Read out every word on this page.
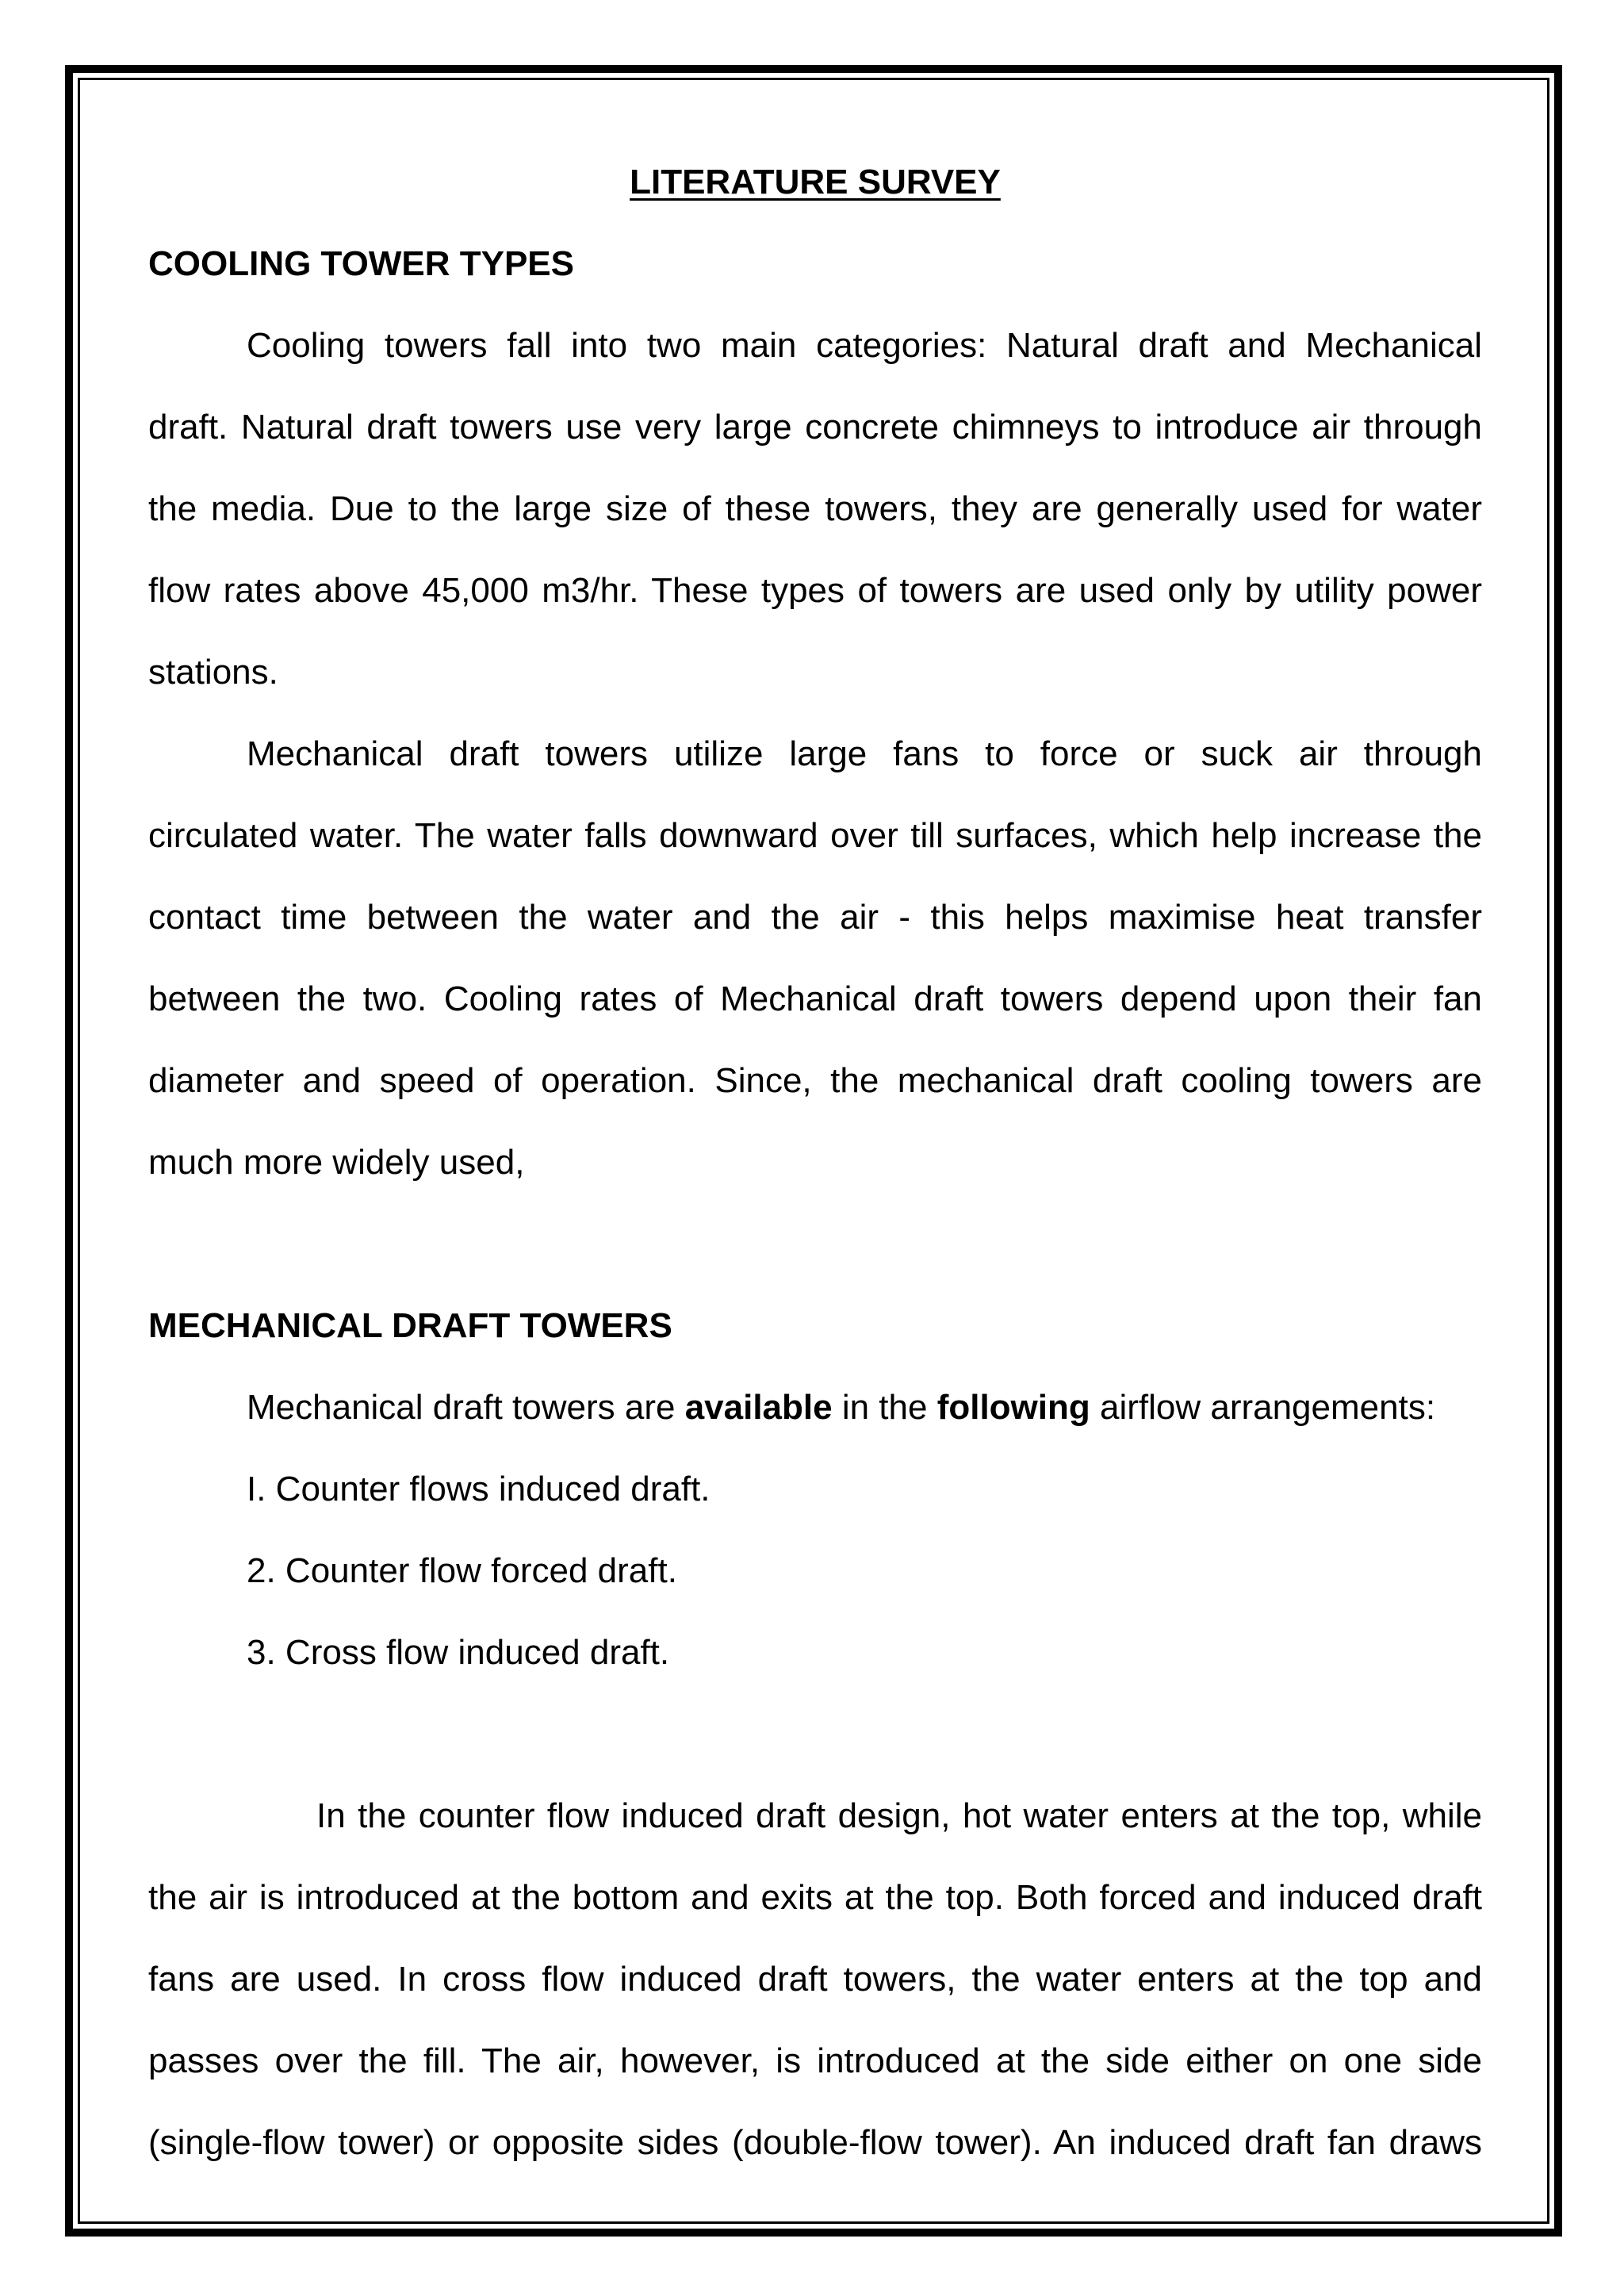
LITERATURE SURVEY
COOLING TOWER TYPES
Cooling towers fall into two main categories: Natural draft and Mechanical
draft. Natural draft towers use very large concrete chimneys to introduce air through
the media. Due to the large size of these towers, they are generally used for water
flow rates above 45,000 m3/hr. These types of towers are used only by utility power
stations.
Mechanical draft towers utilize large fans to force or suck air through
circulated water. The water falls downward over till surfaces, which help increase the
contact time between the water and the air - this helps maximise heat transfer
between the two. Cooling rates of Mechanical draft towers depend upon their fan
diameter and speed of operation. Since, the mechanical draft cooling towers are
much more widely used,
MECHANICAL DRAFT TOWERS
Mechanical draft towers are available in the following airflow arrangements:
I. Counter flows induced draft.
2. Counter flow forced draft.
3. Cross flow induced draft.
In the counter flow induced draft design, hot water enters at the top, while
the air is introduced at the bottom and exits at the top. Both forced and induced draft
fans are used. In cross flow induced draft towers, the water enters at the top and
passes over the fill. The air, however, is introduced at the side either on one side
(single-flow tower) or opposite sides (double-flow tower). An induced draft fan draws
